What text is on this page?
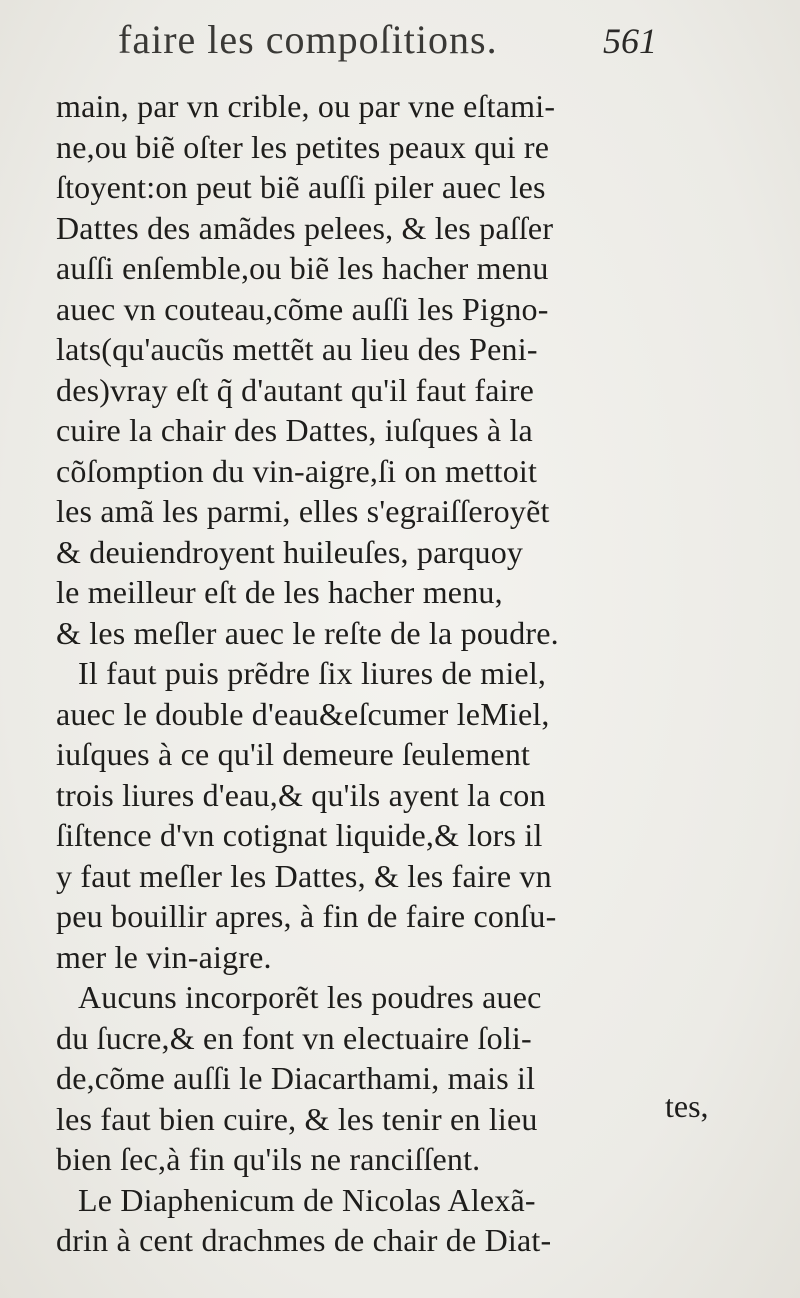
faire les compoſitions.	561
main, par vn crible, ou par vne eſtami-
ne,ou biẽ oſter les petites peaux qui re
ſtoyent:on peut biẽ auſſi piler auec les
Dattes des amãdes pelees, & les paſſer
auſſi enſemble,ou biẽ les hacher menu
auec vn couteau,cõme auſſi les Pigno-
lats(qu'aucũs mettẽt au lieu des Peni-
des)vray eſt q̃ d'autant qu'il faut faire
cuire la chair des Dattes, iuſques à la
cõſomption du vin-aigre,ſi on mettoit
les amã les parmi, elles s'egraiſſeroyẽt
& deuiendroyent huileuſes, parquoy
le meilleur eſt de les hacher menu,
& les meſler auec le reſte de la poudre.
Il faut puis prẽdre ſix liures de miel,
auec le double d'eau&eſcumer leMiel,
iuſques à ce qu'il demeure ſeulement
trois liures d'eau,& qu'ils ayent la con
ſiſtence d'vn cotignat liquide,& lors il
y faut meſler les Dattes, & les faire vn
peu bouillir apres, à fin de faire conſu-
mer le vin-aigre.
Aucuns incorporẽt les poudres auec
du ſucre,& en font vn electuaire ſoli-
de,cõme auſſi le Diacarthami, mais il
les faut bien cuire, & les tenir en lieu
bien ſec,à fin qu'ils ne ranciſſent.
Le Diaphenicum de Nicolas Alexã-
drin à cent drachmes de chair de Diat-
tes,
